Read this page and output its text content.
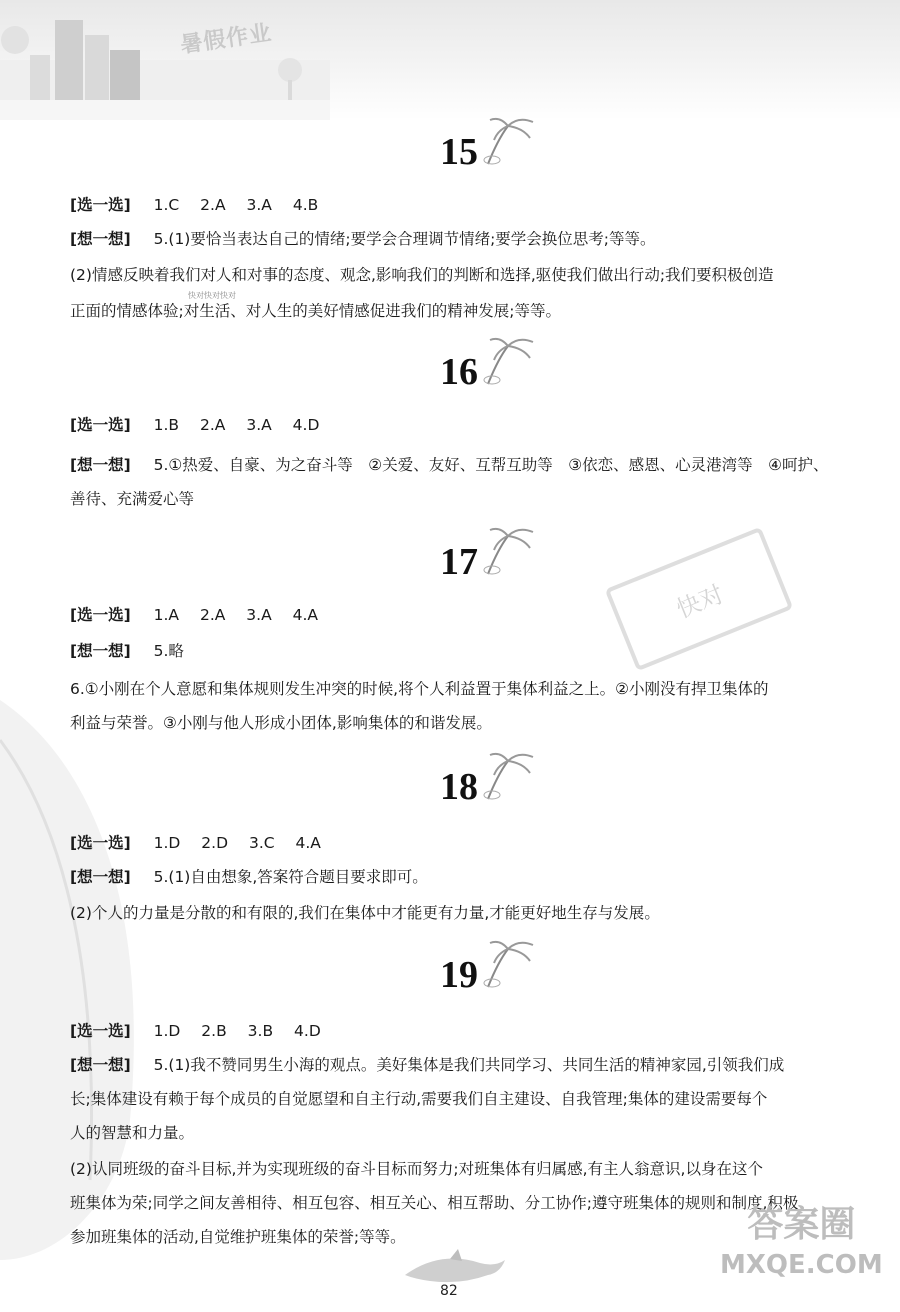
暑假作业
快对快对快对
快对
15
[选一选] 1.C 2.A 3.A 4.B
[想一想] 5.(1)要恰当表达自己的情绪;要学会合理调节情绪;要学会换位思考;等等。
(2)情感反映着我们对人和对事的态度、观念,影响我们的判断和选择,驱使我们做出行动;我们要积极创造
正面的情感体验;对生活、对人生的美好情感促进我们的精神发展;等等。
16
[选一选] 1.B 2.A 3.A 4.D
[想一想] 5.①热爱、自豪、为之奋斗等　②关爱、友好、互帮互助等　③依恋、感恩、心灵港湾等　④呵护、
善待、充满爱心等
17
[选一选] 1.A 2.A 3.A 4.A
[想一想] 5.略
6.①小刚在个人意愿和集体规则发生冲突的时候,将个人利益置于集体利益之上。②小刚没有捍卫集体的
利益与荣誉。③小刚与他人形成小团体,影响集体的和谐发展。
18
[选一选] 1.D 2.D 3.C 4.A
[想一想] 5.(1)自由想象,答案符合题目要求即可。
(2)个人的力量是分散的和有限的,我们在集体中才能更有力量,才能更好地生存与发展。
19
[选一选] 1.D 2.B 3.B 4.D
[想一想] 5.(1)我不赞同男生小海的观点。美好集体是我们共同学习、共同生活的精神家园,引领我们成
长;集体建设有赖于每个成员的自觉愿望和自主行动,需要我们自主建设、自我管理;集体的建设需要每个
人的智慧和力量。
(2)认同班级的奋斗目标,并为实现班级的奋斗目标而努力;对班集体有归属感,有主人翁意识,以身在这个
班集体为荣;同学之间友善相待、相互包容、相互关心、相互帮助、分工协作;遵守班集体的规则和制度,积极
参加班集体的活动,自觉维护班集体的荣誉;等等。
82
答案圈
MXQE.COM
